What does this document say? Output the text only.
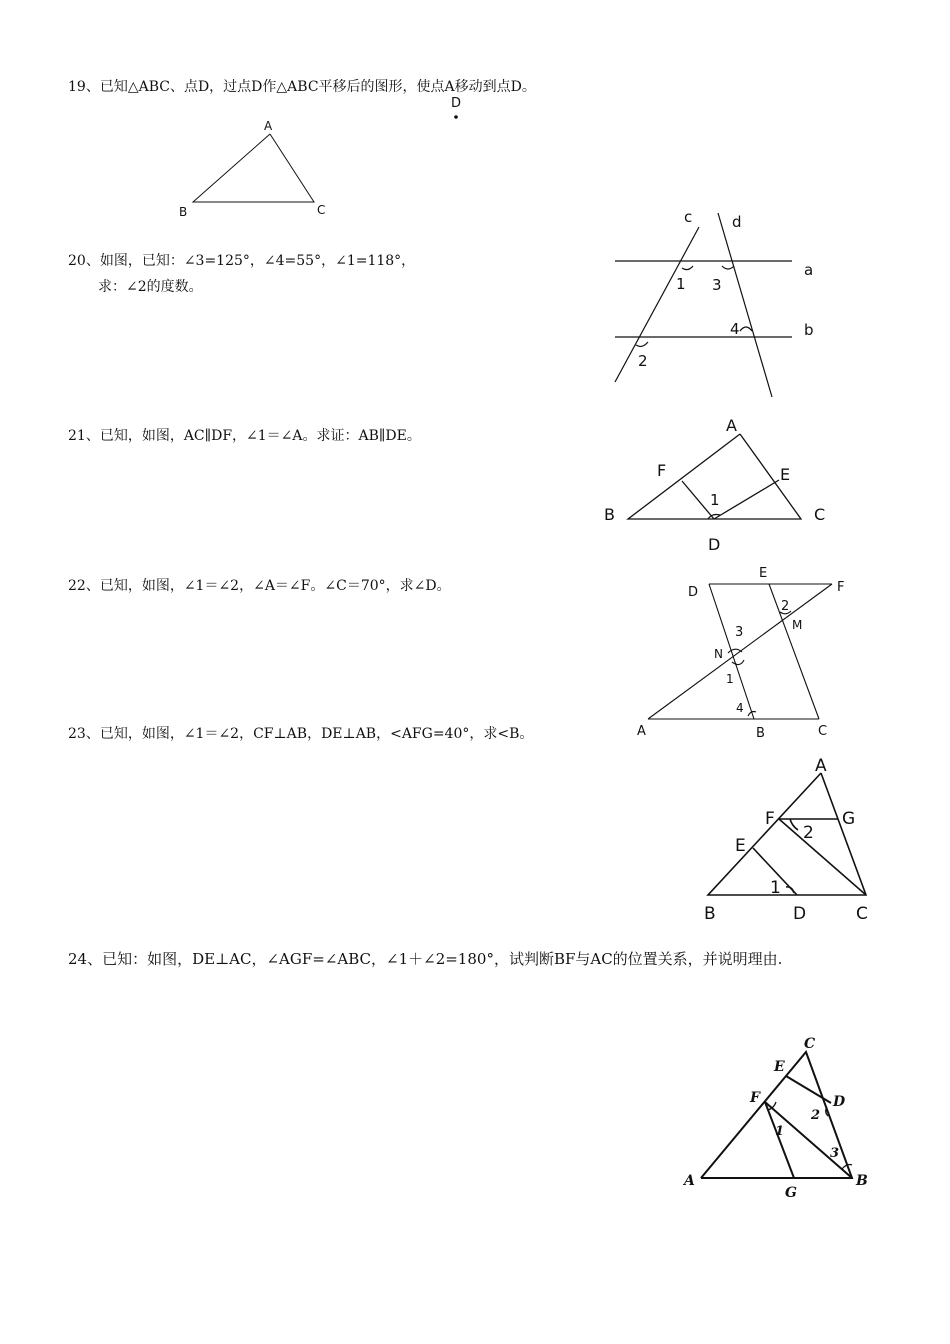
19、已知△ABC、点D，过点D作△ABC平移后的图形，使点A移动到点D。
20、如图，已知：∠3=125°，∠4=55°，∠1=118°，
求：∠2的度数。
21、已知，如图，AC∥DF，∠1＝∠A。求证：AB∥DE。
22、已知，如图，∠1＝∠2，∠A＝∠F。∠C＝70°，求∠D。
23、已知，如图，∠1＝∠2，CF⊥AB，DE⊥AB，<AFG=40°，求<B。
24、已知：如图，DE⊥AC，∠AGF=∠ABC，∠1＋∠2=180°，试判断BF与AC的位置关系，并说明理由.
A
B	C
D
c	d
a
b
1 3
4
2
A
B	C
D
E
F
1
D
E
F
M
N
A	B	C
1
2
3
4
A
F	G
E
B	D	C
2
1
C
E
F	D
A
G
B
1
2
3
